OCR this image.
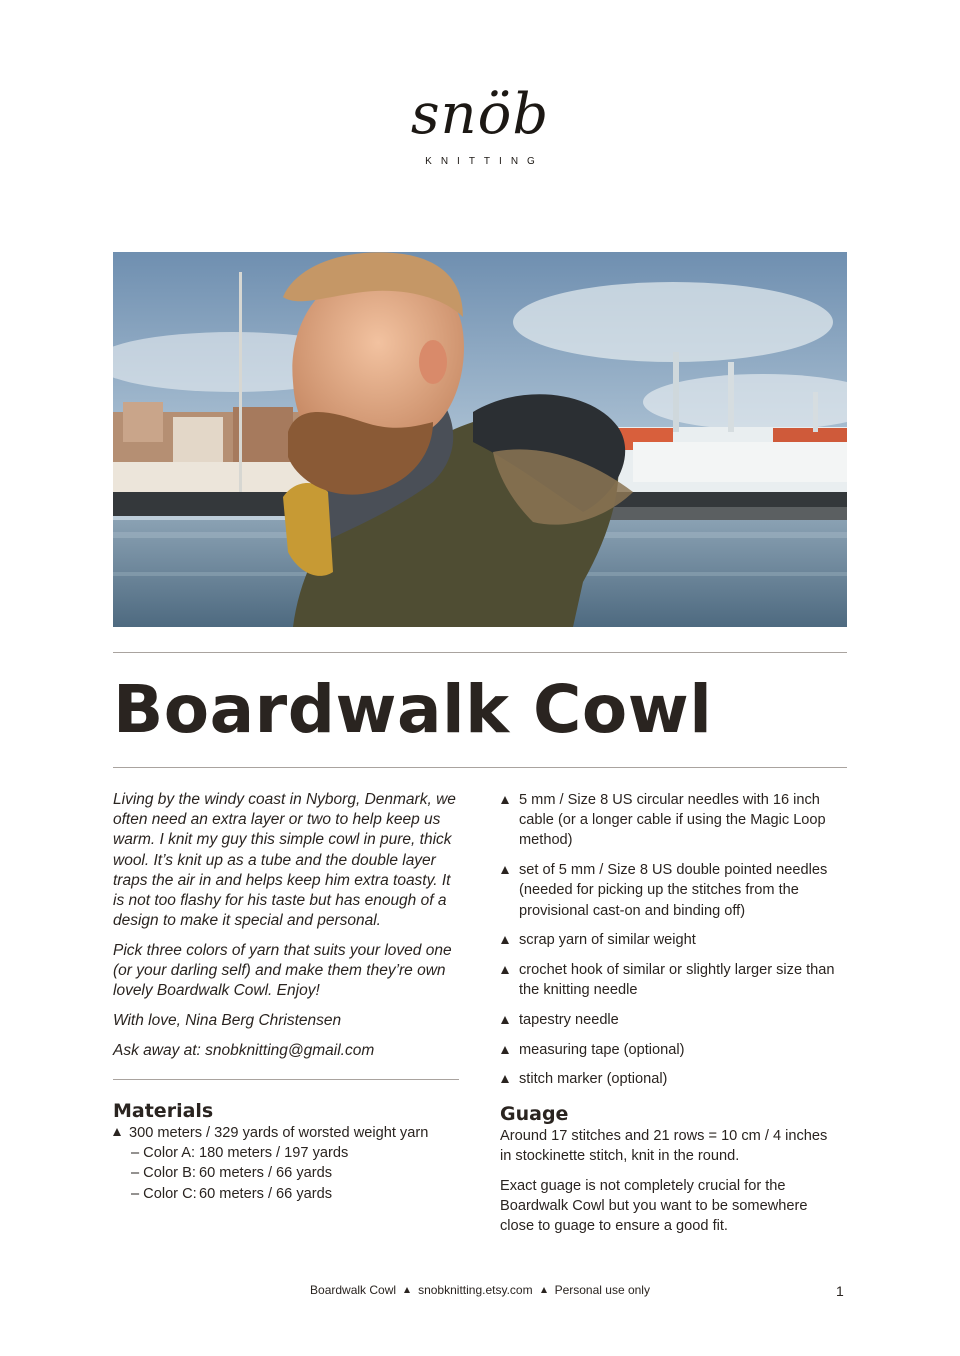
snöb
KNITTING
Boardwalk Cowl

Living by the windy coast in Nyborg, Denmark, we often need an extra layer or two to help keep us warm. I knit my guy this simple cowl in pure, thick wool. It’s knit up as a tube and the double layer traps the air in and helps keep him extra toasty. It is not too flashy for his taste but has enough of a design to make it special and personal.

Pick three colors of yarn that suits your loved one (or your darling self) and make them they’re own lovely Boardwalk Cowl. Enjoy!

With love, Nina Berg Christensen

Ask away at: snobknitting@gmail.com

Materials
300 meters / 329 yards of worsted weight yarn
– Color A: 180 meters / 197 yards
– Color B: 60 meters / 66 yards
– Color C: 60 meters / 66 yards
5 mm / Size 8 US circular needles with 16 inch cable (or a longer cable if using the Magic Loop method)
set of 5 mm / Size 8 US double pointed needles (needed for picking up the stitches from the provisional cast-on and binding off)
scrap yarn of similar weight
crochet hook of similar or slightly larger size than the knitting needle
tapestry needle
measuring tape (optional)
stitch marker (optional)
Guage

Around 17 stitches and 21 rows = 10 cm / 4 inches in stockinette stitch, knit in the round.

Exact guage is not completely crucial for the Boardwalk Cowl but you want to be somewhere close to guage to ensure a good fit.

Boardwalk Cowl snobknitting.etsy.com Personal use only	1
